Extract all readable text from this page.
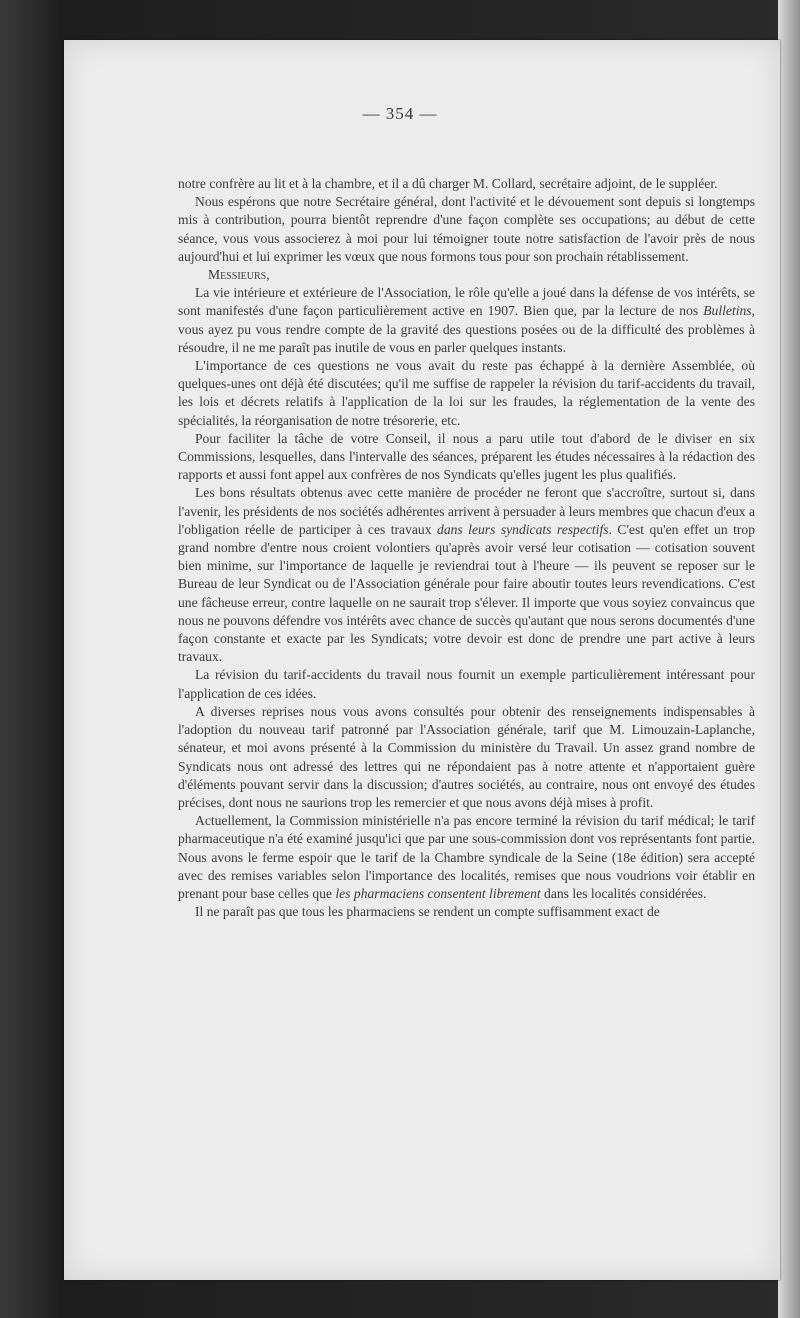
— 354 —

notre confrère au lit et à la chambre, et il a dû charger M. Collard, secrétaire adjoint, de le suppléer.

Nous espérons que notre Secrétaire général, dont l'activité et le dévouement sont depuis si longtemps mis à contribution, pourra bientôt reprendre d'une façon complète ses occupations; au début de cette séance, vous vous associerez à moi pour lui témoigner toute notre satisfaction de l'avoir près de nous aujourd'hui et lui exprimer les vœux que nous formons tous pour son prochain rétablissement.

Messieurs,

La vie intérieure et extérieure de l'Association, le rôle qu'elle a joué dans la défense de vos intérêts, se sont manifestés d'une façon particulièrement active en 1907. Bien que, par la lecture de nos Bulletins, vous ayez pu vous rendre compte de la gravité des questions posées ou de la difficulté des problèmes à résoudre, il ne me paraît pas inutile de vous en parler quelques instants.

L'importance de ces questions ne vous avait du reste pas échappé à la dernière Assemblée, où quelques-unes ont déjà été discutées; qu'il me suffise de rappeler la révision du tarif-accidents du travail, les lois et décrets relatifs à l'application de la loi sur les fraudes, la réglementation de la vente des spécialités, la réorganisation de notre trésorerie, etc.

Pour faciliter la tâche de votre Conseil, il nous a paru utile tout d'abord de le diviser en six Commissions, lesquelles, dans l'intervalle des séances, préparent les études nécessaires à la rédaction des rapports et aussi font appel aux confrères de nos Syndicats qu'elles jugent les plus qualifiés.

Les bons résultats obtenus avec cette manière de procéder ne feront que s'accroître, surtout si, dans l'avenir, les présidents de nos sociétés adhérentes arrivent à persuader à leurs membres que chacun d'eux a l'obligation réelle de participer à ces travaux dans leurs syndicats respectifs. C'est qu'en effet un trop grand nombre d'entre nous croient volontiers qu'après avoir versé leur cotisation — cotisation souvent bien minime, sur l'importance de laquelle je reviendrai tout à l'heure — ils peuvent se reposer sur le Bureau de leur Syndicat ou de l'Association générale pour faire aboutir toutes leurs revendications. C'est une fâcheuse erreur, contre laquelle on ne saurait trop s'élever. Il importe que vous soyiez convaincus que nous ne pouvons défendre vos intérêts avec chance de succès qu'autant que nous serons documentés d'une façon constante et exacte par les Syndicats; votre devoir est donc de prendre une part active à leurs travaux.

La révision du tarif-accidents du travail nous fournit un exemple particulièrement intéressant pour l'application de ces idées.

A diverses reprises nous vous avons consultés pour obtenir des renseignements indispensables à l'adoption du nouveau tarif patronné par l'Association générale, tarif que M. Limouzain-Laplanche, sénateur, et moi avons présenté à la Commission du ministère du Travail. Un assez grand nombre de Syndicats nous ont adressé des lettres qui ne répondaient pas à notre attente et n'apportaient guère d'éléments pouvant servir dans la discussion; d'autres sociétés, au contraire, nous ont envoyé des études précises, dont nous ne saurions trop les remercier et que nous avons déjà mises à profit.

Actuellement, la Commission ministérielle n'a pas encore terminé la révision du tarif médical; le tarif pharmaceutique n'a été examiné jusqu'ici que par une sous-commission dont vos représentants font partie. Nous avons le ferme espoir que le tarif de la Chambre syndicale de la Seine (18e édition) sera accepté avec des remises variables selon l'importance des localités, remises que nous voudrions voir établir en prenant pour base celles que les pharmaciens consentent librement dans les localités considérées.

Il ne paraît pas que tous les pharmaciens se rendent un compte suffisamment exact de
